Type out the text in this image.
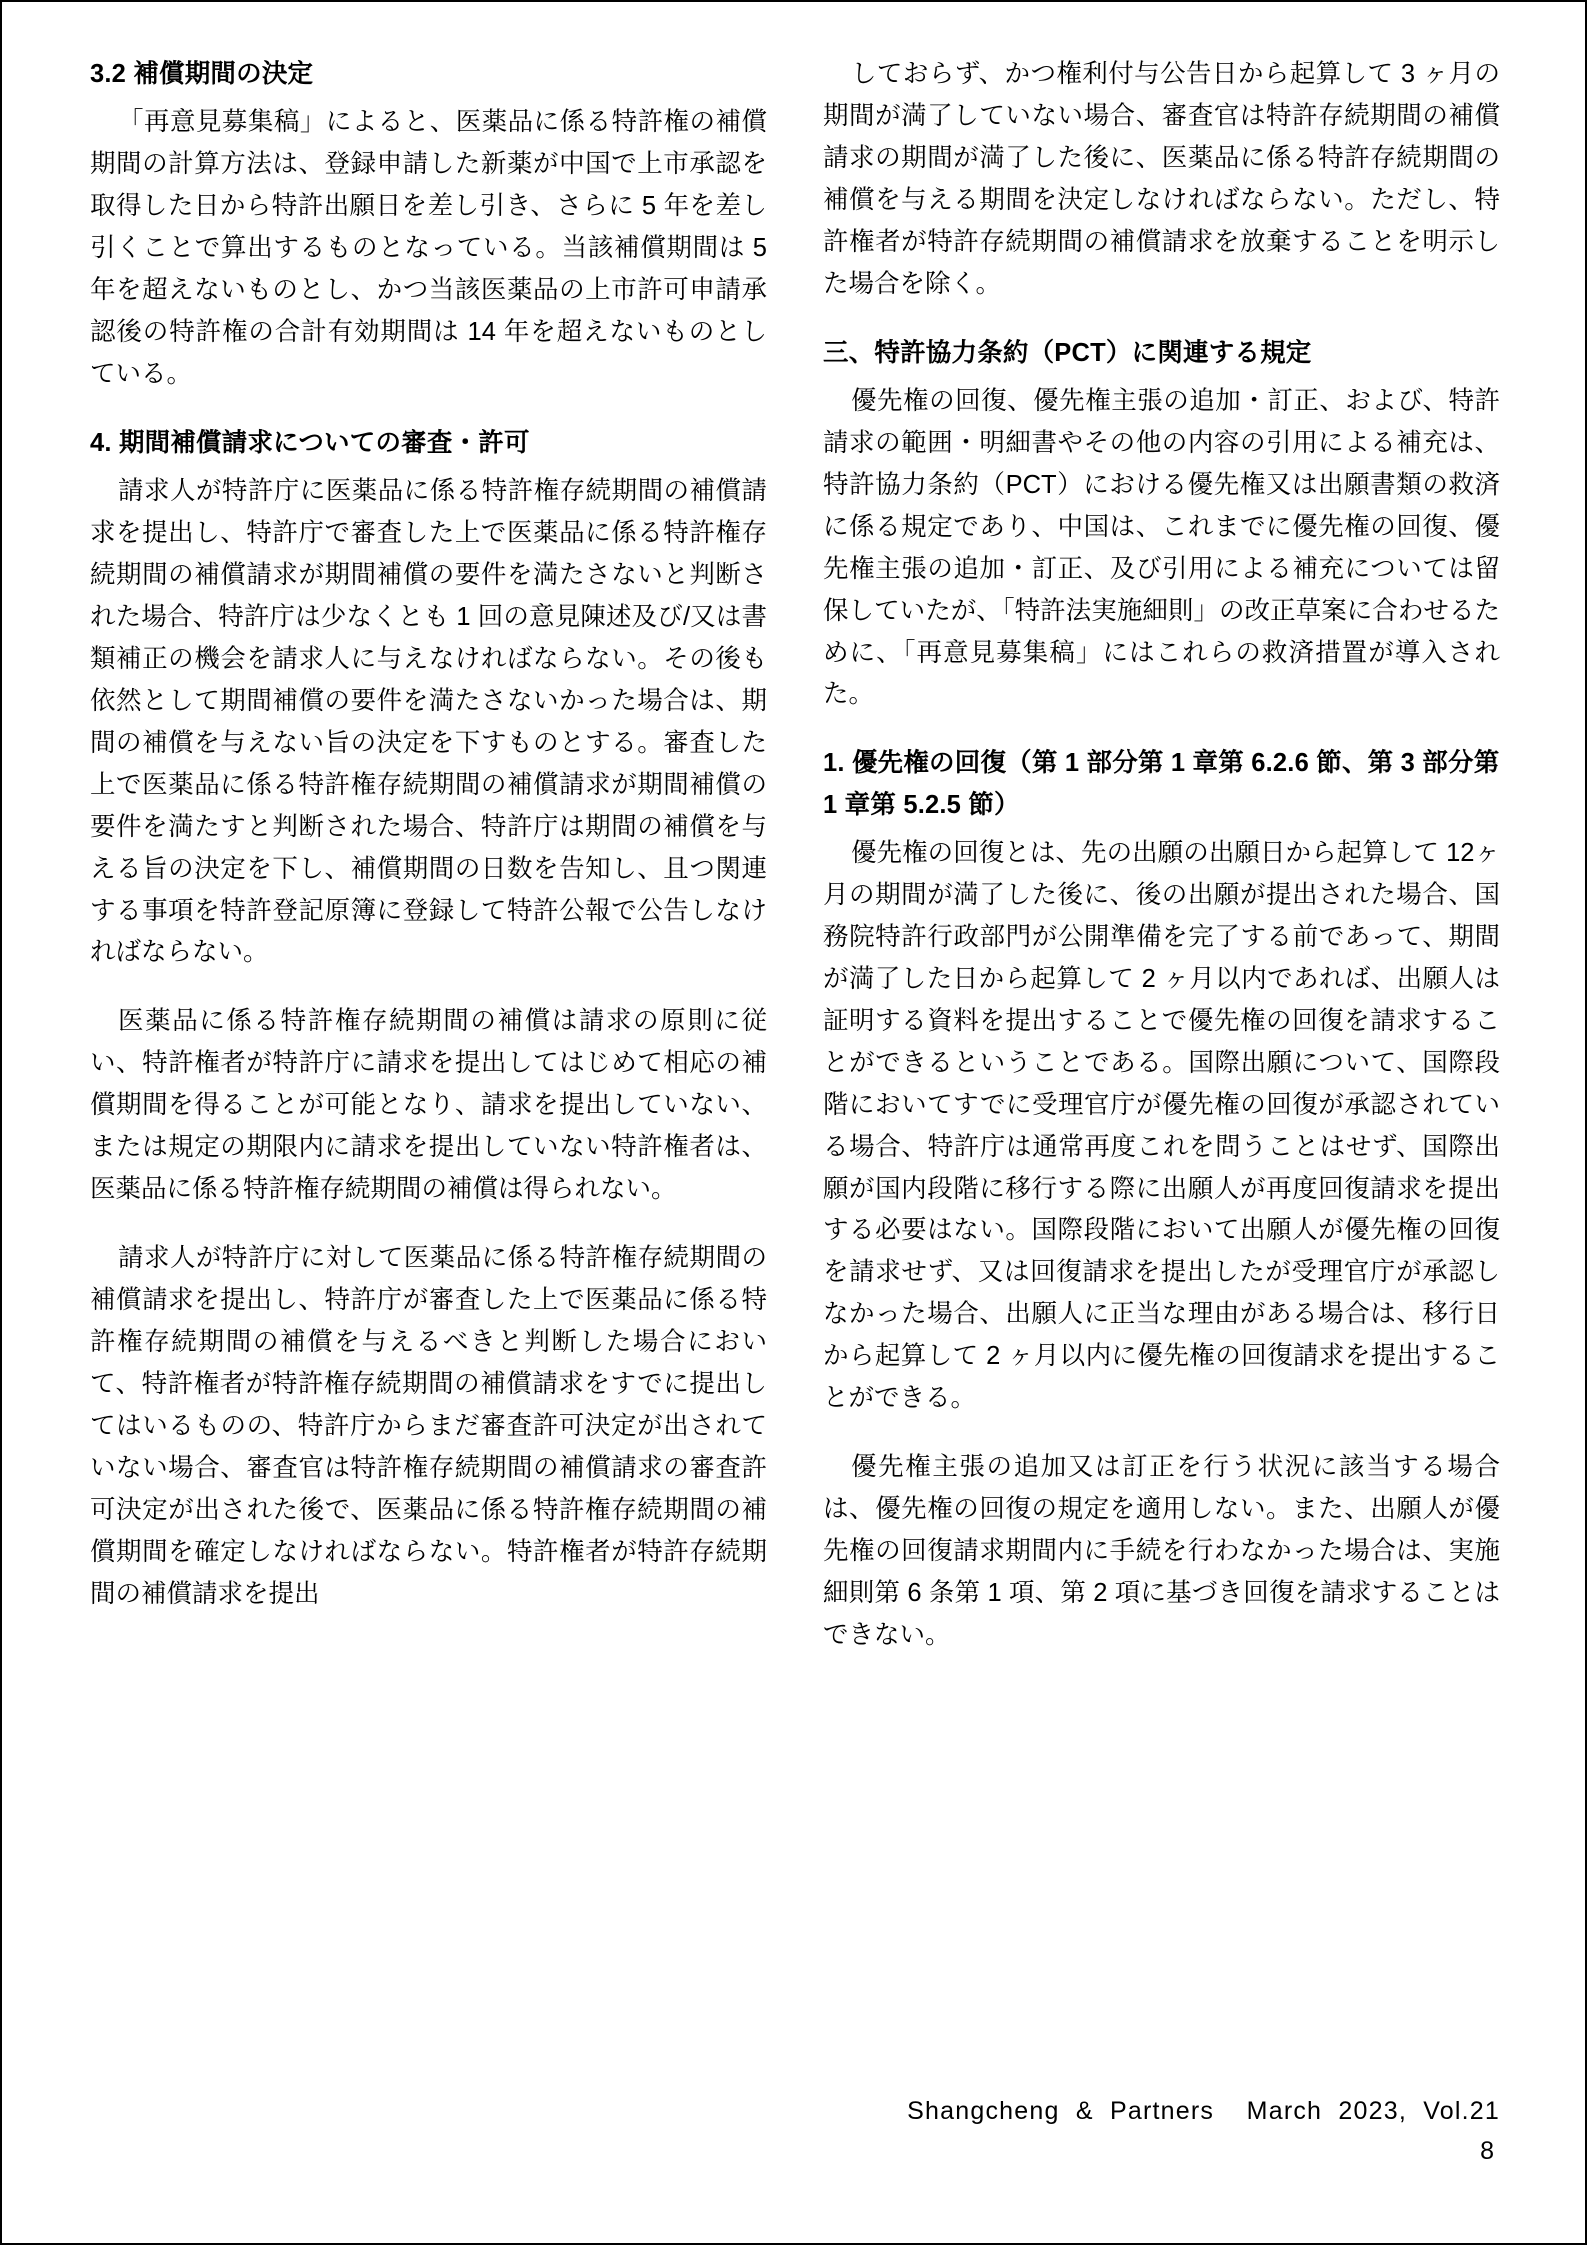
3.2 補償期間の決定

「再意見募集稿」によると、医薬品に係る特許権の補償期間の計算方法は、登録申請した新薬が中国で上市承認を取得した日から特許出願日を差し引き、さらに 5 年を差し引くことで算出するものとなっている。当該補償期間は 5 年を超えないものとし、かつ当該医薬品の上市許可申請承認後の特許権の合計有効期間は 14 年を超えないものとしている。

4. 期間補償請求についての審査・許可

請求人が特許庁に医薬品に係る特許権存続期間の補償請求を提出し、特許庁で審査した上で医薬品に係る特許権存続期間の補償請求が期間補償の要件を満たさないと判断された場合、特許庁は少なくとも 1 回の意見陳述及び/又は書類補正の機会を請求人に与えなければならない。その後も依然として期間補償の要件を満たさないかった場合は、期間の補償を与えない旨の決定を下すものとする。審査した上で医薬品に係る特許権存続期間の補償請求が期間補償の要件を満たすと判断された場合、特許庁は期間の補償を与える旨の決定を下し、補償期間の日数を告知し、且つ関連する事項を特許登記原簿に登録して特許公報で公告しなければならない。

医薬品に係る特許権存続期間の補償は請求の原則に従い、特許権者が特許庁に請求を提出してはじめて相応の補償期間を得ることが可能となり、請求を提出していない、または規定の期限内に請求を提出していない特許権者は、医薬品に係る特許権存続期間の補償は得られない。

請求人が特許庁に対して医薬品に係る特許権存続期間の補償請求を提出し、特許庁が審査した上で医薬品に係る特許権存続期間の補償を与えるべきと判断した場合において、特許権者が特許権存続期間の補償請求をすでに提出してはいるものの、特許庁からまだ審査許可決定が出されていない場合、審査官は特許権存続期間の補償請求の審査許可決定が出された後で、医薬品に係る特許権存続期間の補償期間を確定しなければならない。特許権者が特許存続期間の補償請求を提出

しておらず、かつ権利付与公告日から起算して 3 ヶ月の期間が満了していない場合、審査官は特許存続期間の補償請求の期間が満了した後に、医薬品に係る特許存続期間の補償を与える期間を決定しなければならない。ただし、特許権者が特許存続期間の補償請求を放棄することを明示した場合を除く。

三、特許協力条約（PCT）に関連する規定

優先権の回復、優先権主張の追加・訂正、および、特許請求の範囲・明細書やその他の内容の引用による補充は、特許協力条約（PCT）における優先権又は出願書類の救済に係る規定であり、中国は、これまでに優先権の回復、優先権主張の追加・訂正、及び引用による補充については留保していたが、「特許法実施細則」の改正草案に合わせるために、「再意見募集稿」にはこれらの救済措置が導入された。

1. 優先権の回復（第 1 部分第 1 章第 6.2.6 節、第 3 部分第 1 章第 5.2.5 節）

優先権の回復とは、先の出願の出願日から起算して 12ヶ月の期間が満了した後に、後の出願が提出された場合、国務院特許行政部門が公開準備を完了する前であって、期間が満了した日から起算して 2 ヶ月以内であれば、出願人は証明する資料を提出することで優先権の回復を請求することができるということである。国際出願について、国際段階においてすでに受理官庁が優先権の回復が承認されている場合、特許庁は通常再度これを問うことはせず、国際出願が国内段階に移行する際に出願人が再度回復請求を提出する必要はない。国際段階において出願人が優先権の回復を請求せず、又は回復請求を提出したが受理官庁が承認しなかった場合、出願人に正当な理由がある場合は、移行日から起算して 2 ヶ月以内に優先権の回復請求を提出することができる。

優先権主張の追加又は訂正を行う状況に該当する場合は、優先権の回復の規定を適用しない。また、出願人が優先権の回復請求期間内に手続を行わなかった場合は、実施細則第 6 条第 1 項、第 2 項に基づき回復を請求することはできない。

Shangcheng  &  Partners    March  2023,  Vol.21

8
